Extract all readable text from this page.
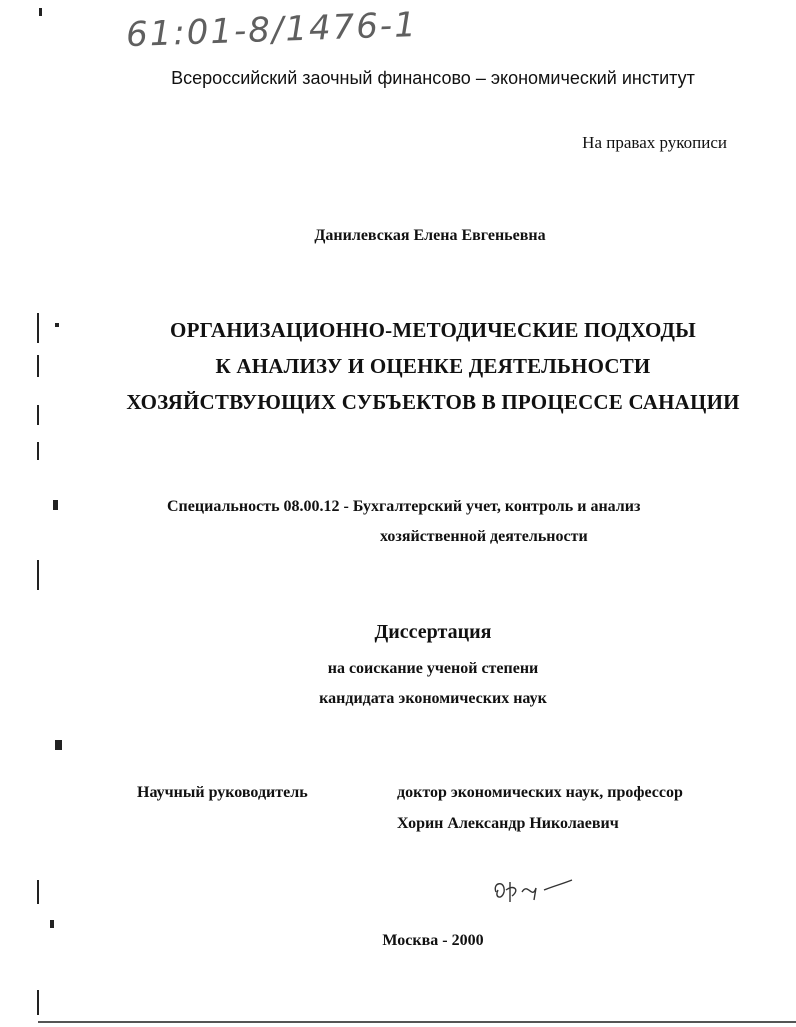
61:01-8/1476-1
Всероссийский заочный финансово – экономический институт
На правах рукописи
Данилевская Елена Евгеньевна
ОРГАНИЗАЦИОННО-МЕТОДИЧЕСКИЕ ПОДХОДЫ
К АНАЛИЗУ И ОЦЕНКЕ ДЕЯТЕЛЬНОСТИ
ХОЗЯЙСТВУЮЩИХ СУБЪЕКТОВ В ПРОЦЕССЕ САНАЦИИ
Специальность 08.00.12 - Бухгалтерский учет, контроль и анализ
хозяйственной деятельности
Диссертация
на соискание ученой степени
кандидата экономических наук
Научный руководитель	доктор экономических наук, профессор
Хорин Александр Николаевич
Москва - 2000
